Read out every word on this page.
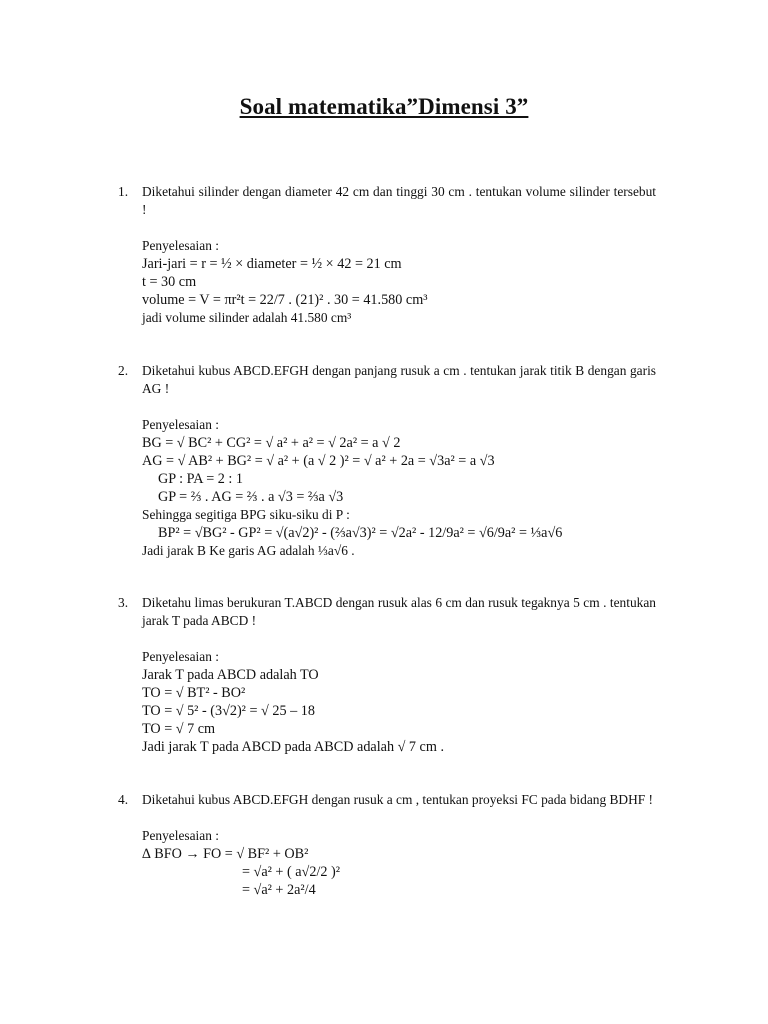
Soal matematika”Dimensi 3”
1.	Diketahui silinder dengan diameter 42 cm dan tinggi 30 cm . tentukan volume silinder tersebut !

Penyelesaian :

Jari-jari = r = ½ × diameter = ½ × 42 = 21 cm

t = 30 cm

volume = V = πr²t = 22/7 . (21)² . 30 = 41.580 cm³

jadi volume silinder adalah 41.580 cm³

2.	Diketahui kubus ABCD.EFGH dengan panjang rusuk a cm . tentukan jarak titik B dengan garis AG !

Penyelesaian :

BG = √ BC² + CG² = √ a² + a² = √ 2a² = a √ 2

AG = √ AB² + BG² = √ a² + (a √ 2 )² = √ a² + 2a = √3a² = a √3

GP : PA = 2 : 1

GP = ⅔ . AG = ⅔ . a √3 = ⅔a √3

Sehingga segitiga BPG siku-siku di P :

BP² = √BG² - GP² = √(a√2)² - (⅔a√3)² = √2a² - 12/9a² = √6/9a² = ⅓a√6

Jadi jarak B Ke garis AG adalah ⅓a√6 .

3.	Diketahu limas berukuran T.ABCD dengan rusuk alas 6 cm dan rusuk tegaknya 5 cm . tentukan jarak T pada ABCD !

Penyelesaian :

Jarak T pada ABCD adalah TO

TO = √ BT² - BO²

TO = √ 5² - (3√2)² = √ 25 – 18

TO = √ 7 cm

Jadi jarak T pada ABCD pada ABCD adalah √ 7 cm .

4.	Diketahui kubus ABCD.EFGH dengan rusuk a cm , tentukan proyeksi FC pada bidang BDHF !

Penyelesaian :

∆ BFO → FO = √ BF² + OB²

= √a² + ( a√2/2 )²

= √a² + 2a²/4
